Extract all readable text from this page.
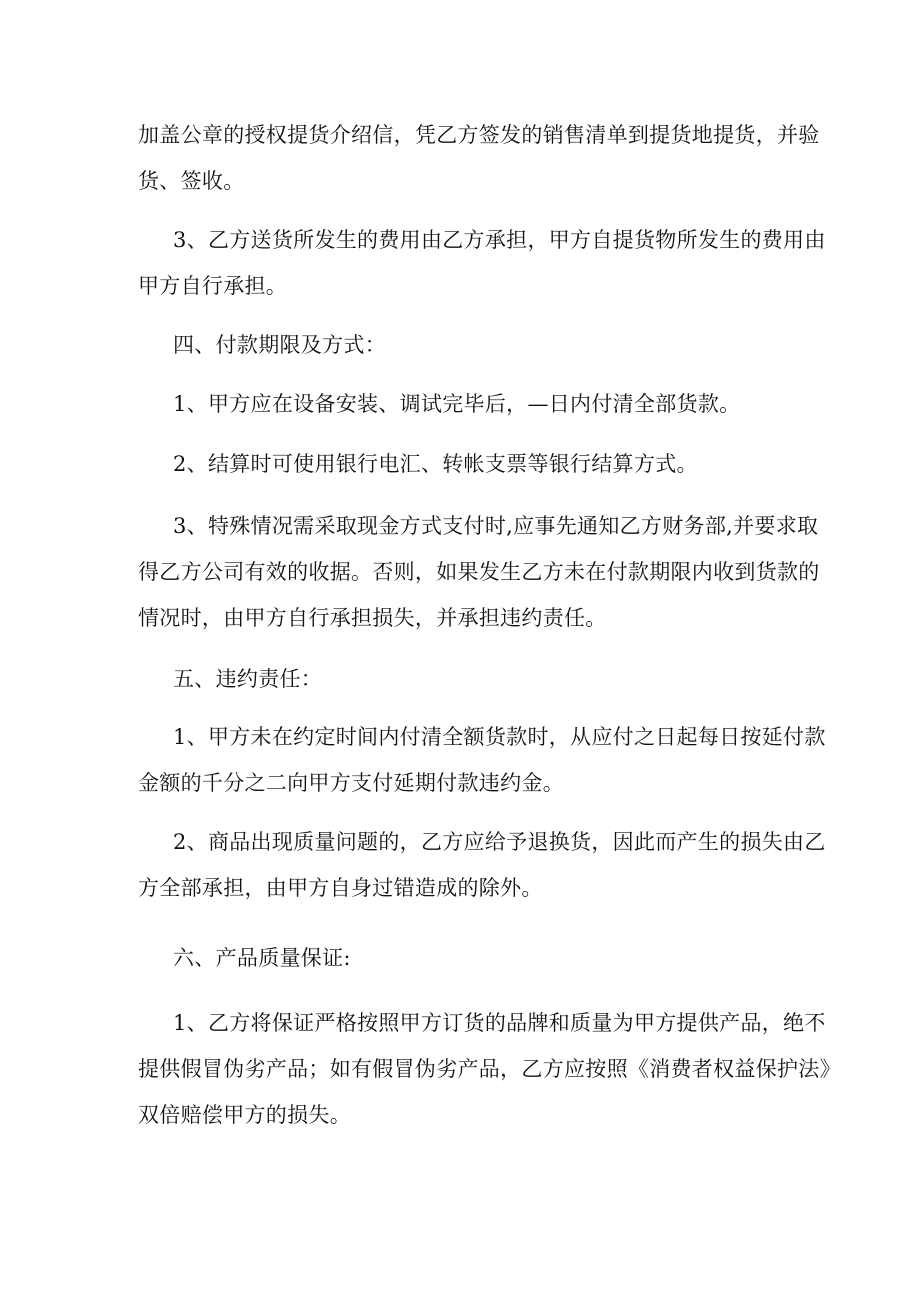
加盖公章的授权提货介绍信，凭乙方签发的销售清单到提货地提货，并验
货、签收。

3、乙方送货所发生的费用由乙方承担，甲方自提货物所发生的费用由
甲方自行承担。

四、付款期限及方式：

1、甲方应在设备安装、调试完毕后，—日内付清全部货款。

2、结算时可使用银行电汇、转帐支票等银行结算方式。

3、特殊情况需采取现金方式支付时,应事先通知乙方财务部,并要求取
得乙方公司有效的收据。否则，如果发生乙方未在付款期限内收到货款的
情况时，由甲方自行承担损失，并承担违约责任。

五、违约责任：

1、甲方未在约定时间内付清全额货款时，从应付之日起每日按延付款
金额的千分之二向甲方支付延期付款违约金。

2、商品出现质量问题的，乙方应给予退换货，因此而产生的损失由乙
方全部承担，由甲方自身过错造成的除外。

六、产品质量保证:

1、乙方将保证严格按照甲方订货的品牌和质量为甲方提供产品，绝不
提供假冒伪劣产品；如有假冒伪劣产品，乙方应按照《消费者权益保护法》
双倍赔偿甲方的损失。
